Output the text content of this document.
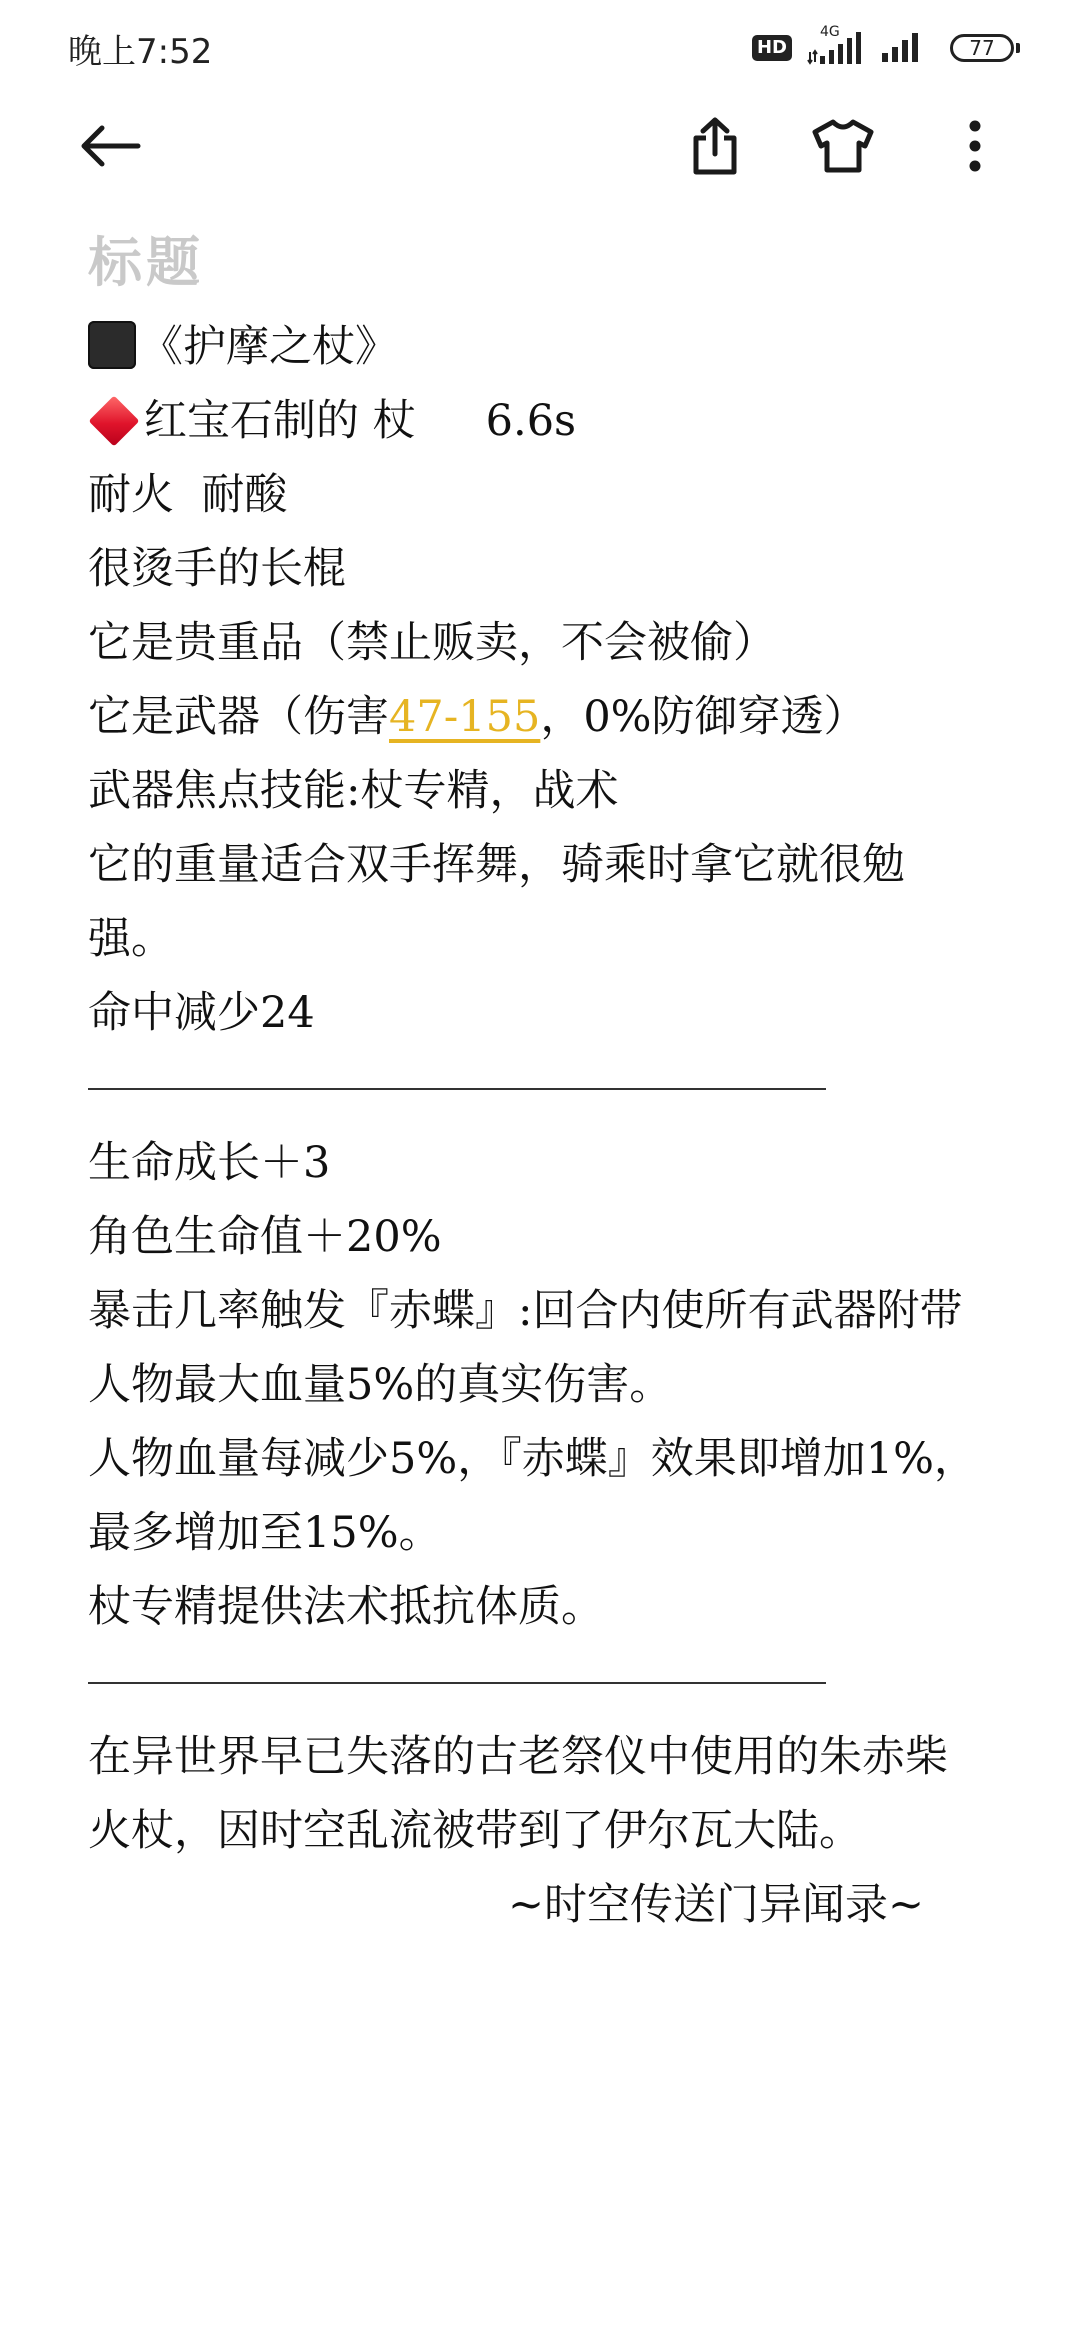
晚上7:52	HD
4G
77
标题
《护摩之杖》
红宝石制的 杖 6.6s
耐火  耐酸
很烫手的长棍
它是贵重品（禁止贩卖，不会被偷）
它是武器（伤害47-155，0%防御穿透）
武器焦点技能:杖专精，战术
它的重量适合双手挥舞，骑乘时拿它就很勉强。
命中减少24
生命成长＋3
角色生命值＋20%
暴击几率触发『赤蝶』:回合内使所有武器附带人物最大血量5%的真实伤害。
人物血量每减少5%，『赤蝶』效果即增加1%，最多增加至15%。
杖专精提供法术抵抗体质。
在异世界早已失落的古老祭仪中使用的朱赤柴火杖，因时空乱流被带到了伊尔瓦大陆。
~时空传送门异闻录~
